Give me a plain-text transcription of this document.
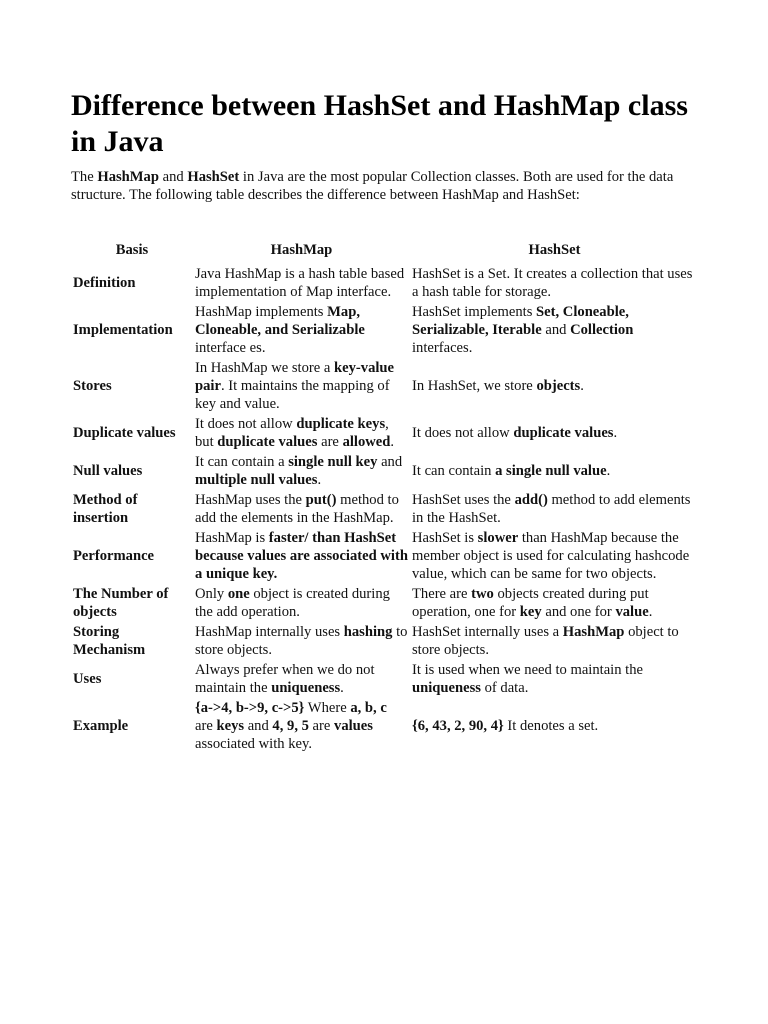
Difference between HashSet and HashMap class in Java

The HashMap and HashSet in Java are the most popular Collection classes. Both are used for the data structure. The following table describes the difference between HashMap and HashSet:

Basis	HashMap	HashSet
Definition	Java HashMap is a hash table based implementation of Map interface.	HashSet is a Set. It creates a collection that uses a hash table for storage.
Implementation	HashMap implements Map, Cloneable, and Serializable interface es.	HashSet implements Set, Cloneable, Serializable, Iterable and Collection interfaces.
Stores	In HashMap we store a key-value pair. It maintains the mapping of key and value.	In HashSet, we store objects.
Duplicate values	It does not allow duplicate keys, but duplicate values are allowed.	It does not allow duplicate values.
Null values	It can contain a single null key and multiple null values.	It can contain a single null value.
Method of insertion	HashMap uses the put() method to add the elements in the HashMap.	HashSet uses the add() method to add elements in the HashSet.
Performance	HashMap is faster/ than HashSet because values are associated with a unique key.	HashSet is slower than HashMap because the member object is used for calculating hashcode value, which can be same for two objects.
The Number of objects	Only one object is created during the add operation.	There are two objects created during put operation, one for key and one for value.
Storing Mechanism	HashMap internally uses hashing to store objects.	HashSet internally uses a HashMap object to store objects.
Uses	Always prefer when we do not maintain the uniqueness.	It is used when we need to maintain the uniqueness of data.
Example	{a->4, b->9, c->5} Where a, b, c are keys and 4, 9, 5 are values associated with key.	{6, 43, 2, 90, 4} It denotes a set.
